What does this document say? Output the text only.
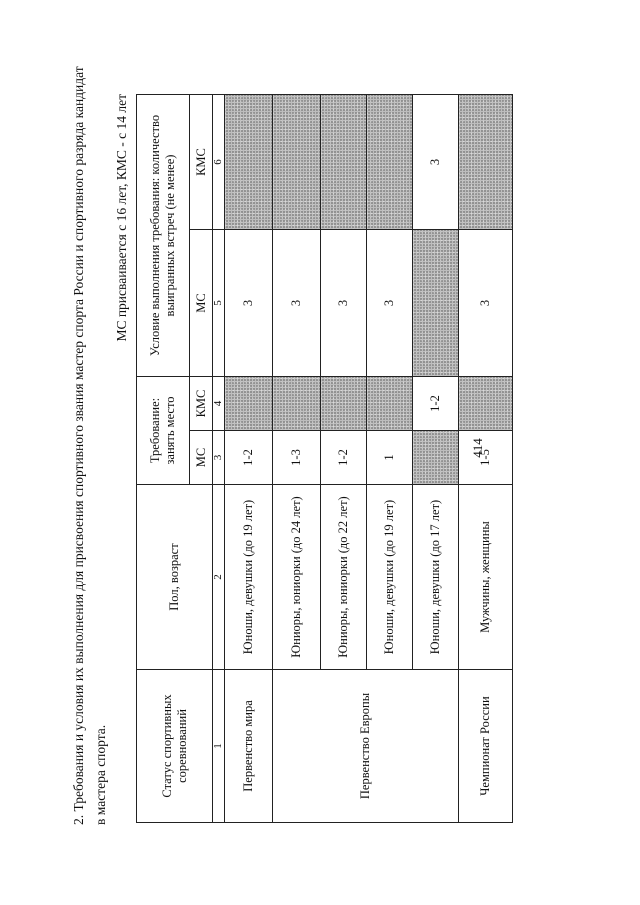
414
2. Требования и условия их выполнения для присвоения спортивного звания мастер спорта России и спортивного разряда кандидат в мастера спорта.
МС присваивается с 16 лет, КМС - с 14 лет
Статус спортивных соревнований	Пол, возраст	Требование: занять место		Условие выполнения требования: количество выигранных встреч (не менее)	
		МС	КМС	МС	КМС
1	2	3	4	5	6
Первенство мира	Юноши, девушки (до 19 лет)	1-2		3	
Первенство Европы	Юниоры, юниорки (до 24 лет)	1-3		3	
	Юниоры, юниорки (до 22 лет)	1-2		3	
	Юноши, девушки (до 19 лет)	1		3	
	Юноши, девушки (до 17 лет)		1-2		3
Чемпионат России	Мужчины, женщины	1-5		3	
